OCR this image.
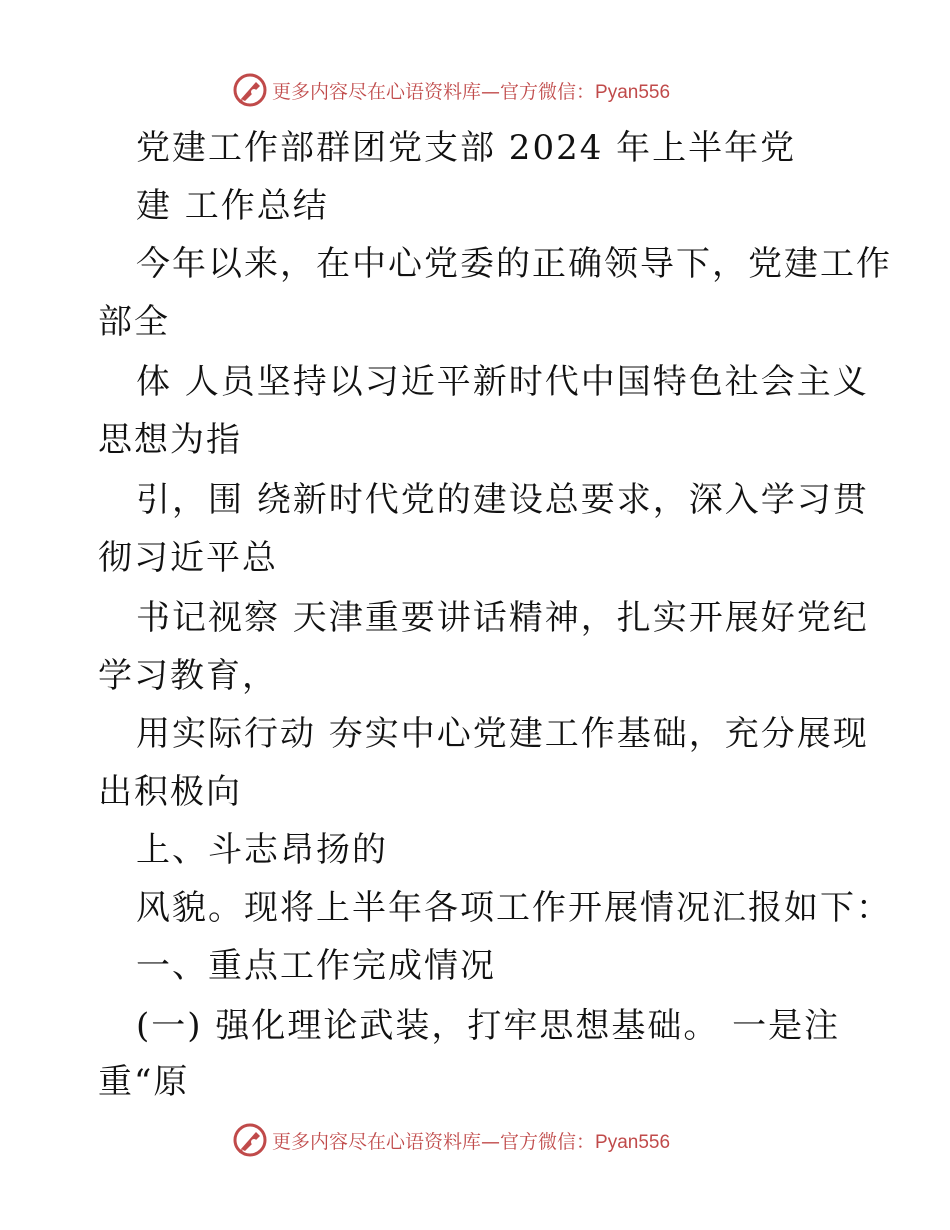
更多内容尽在心语资料库—官方微信：Pyan556
党建工作部群团党支部 2024 年上半年党
建 工作总结
今年以来，在中心党委的正确领导下，党建工作
部全
体 人员坚持以习近平新时代中国特色社会主义
思想为指
引，围 绕新时代党的建设总要求，深入学习贯
彻习近平总
书记视察 天津重要讲话精神，扎实开展好党纪
学习教育，
用实际行动 夯实中心党建工作基础，充分展现
出积极向
上、斗志昂扬的
风貌。现将上半年各项工作开展情况汇报如下：
一、重点工作完成情况
(一) 强化理论武装，打牢思想基础。 一是注
重“原
更多内容尽在心语资料库—官方微信：Pyan556
